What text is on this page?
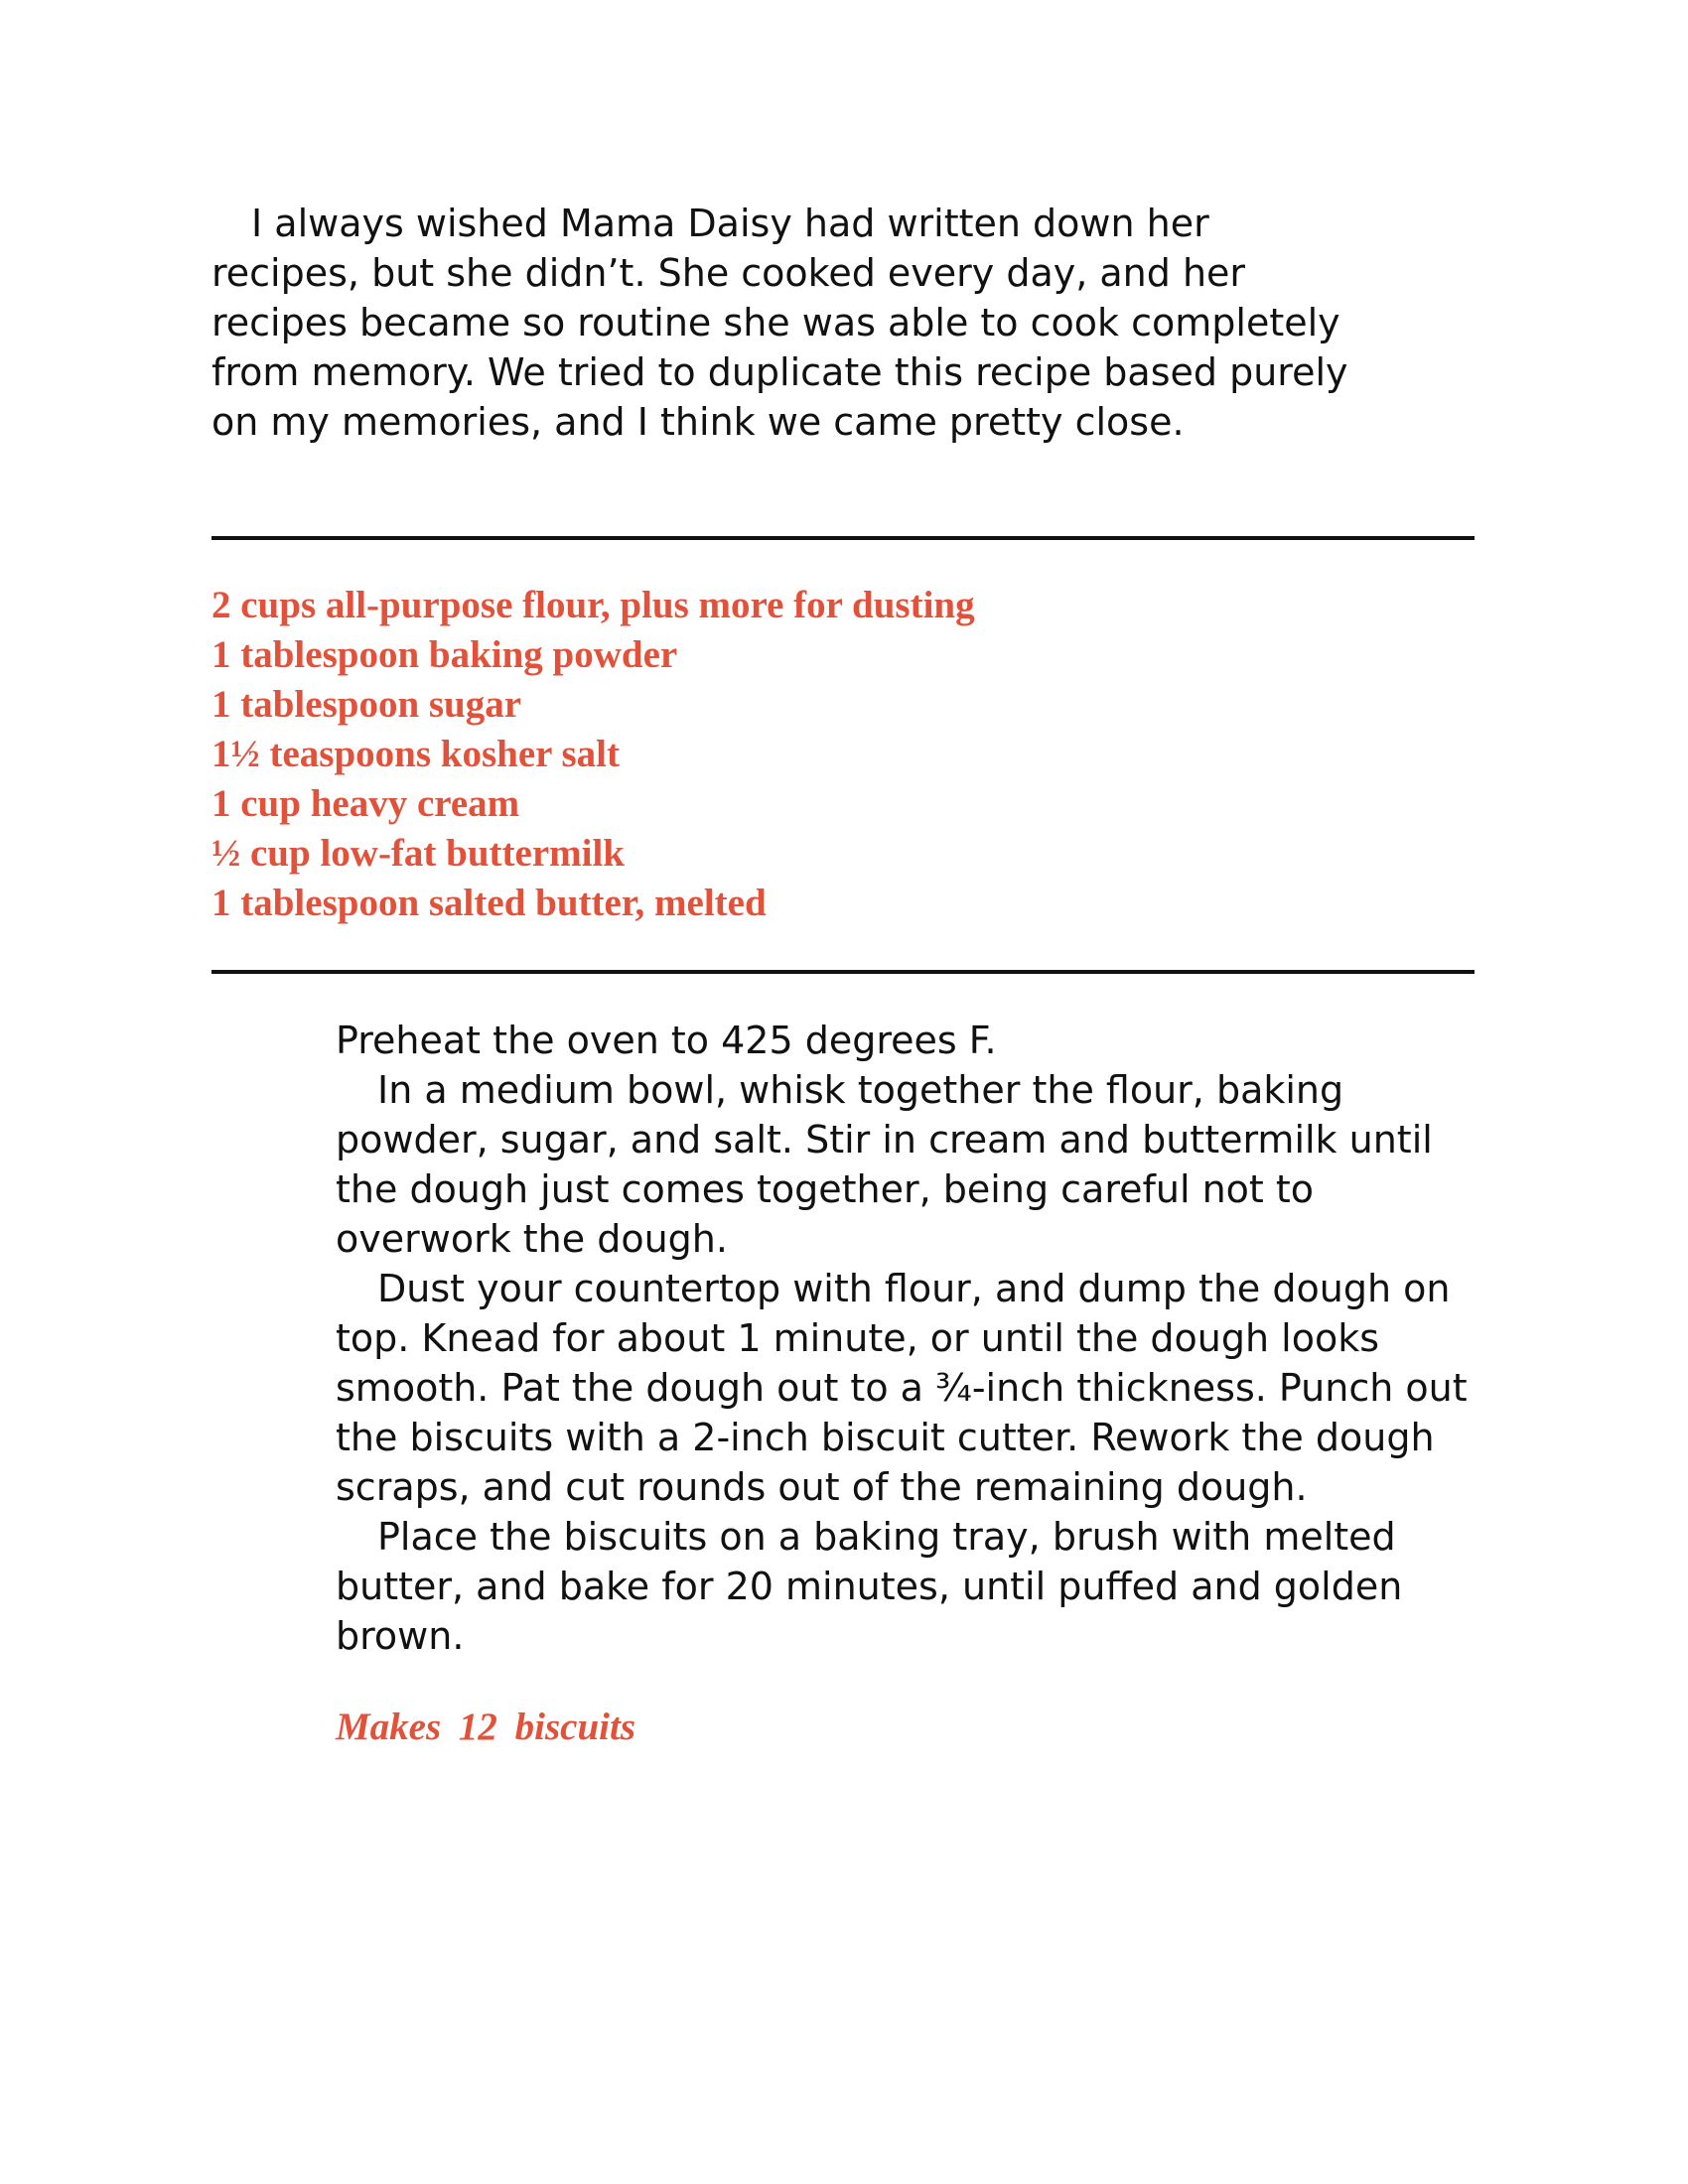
I always wished Mama Daisy had written down her recipes, but she didn’t. She cooked every day, and her recipes became so routine she was able to cook completely from memory. We tried to duplicate this recipe based purely on my memories, and I think we came pretty close.

2 cups all-purpose flour, plus more for dusting
1 tablespoon baking powder
1 tablespoon sugar
1½ teaspoons kosher salt
1 cup heavy cream
½ cup low-fat buttermilk
1 tablespoon salted butter, melted

Preheat the oven to 425 degrees F.

In a medium bowl, whisk together the flour, baking powder, sugar, and salt. Stir in cream and buttermilk until the dough just comes together, being careful not to overwork the dough.

Dust your countertop with flour, and dump the dough on top. Knead for about 1 minute, or until the dough looks smooth. Pat the dough out to a ¾-inch thickness. Punch out the biscuits with a 2-inch biscuit cutter. Rework the dough scraps, and cut rounds out of the remaining dough.

Place the biscuits on a baking tray, brush with melted butter, and bake for 20 minutes, until puffed and golden brown.

Makes 12 biscuits
